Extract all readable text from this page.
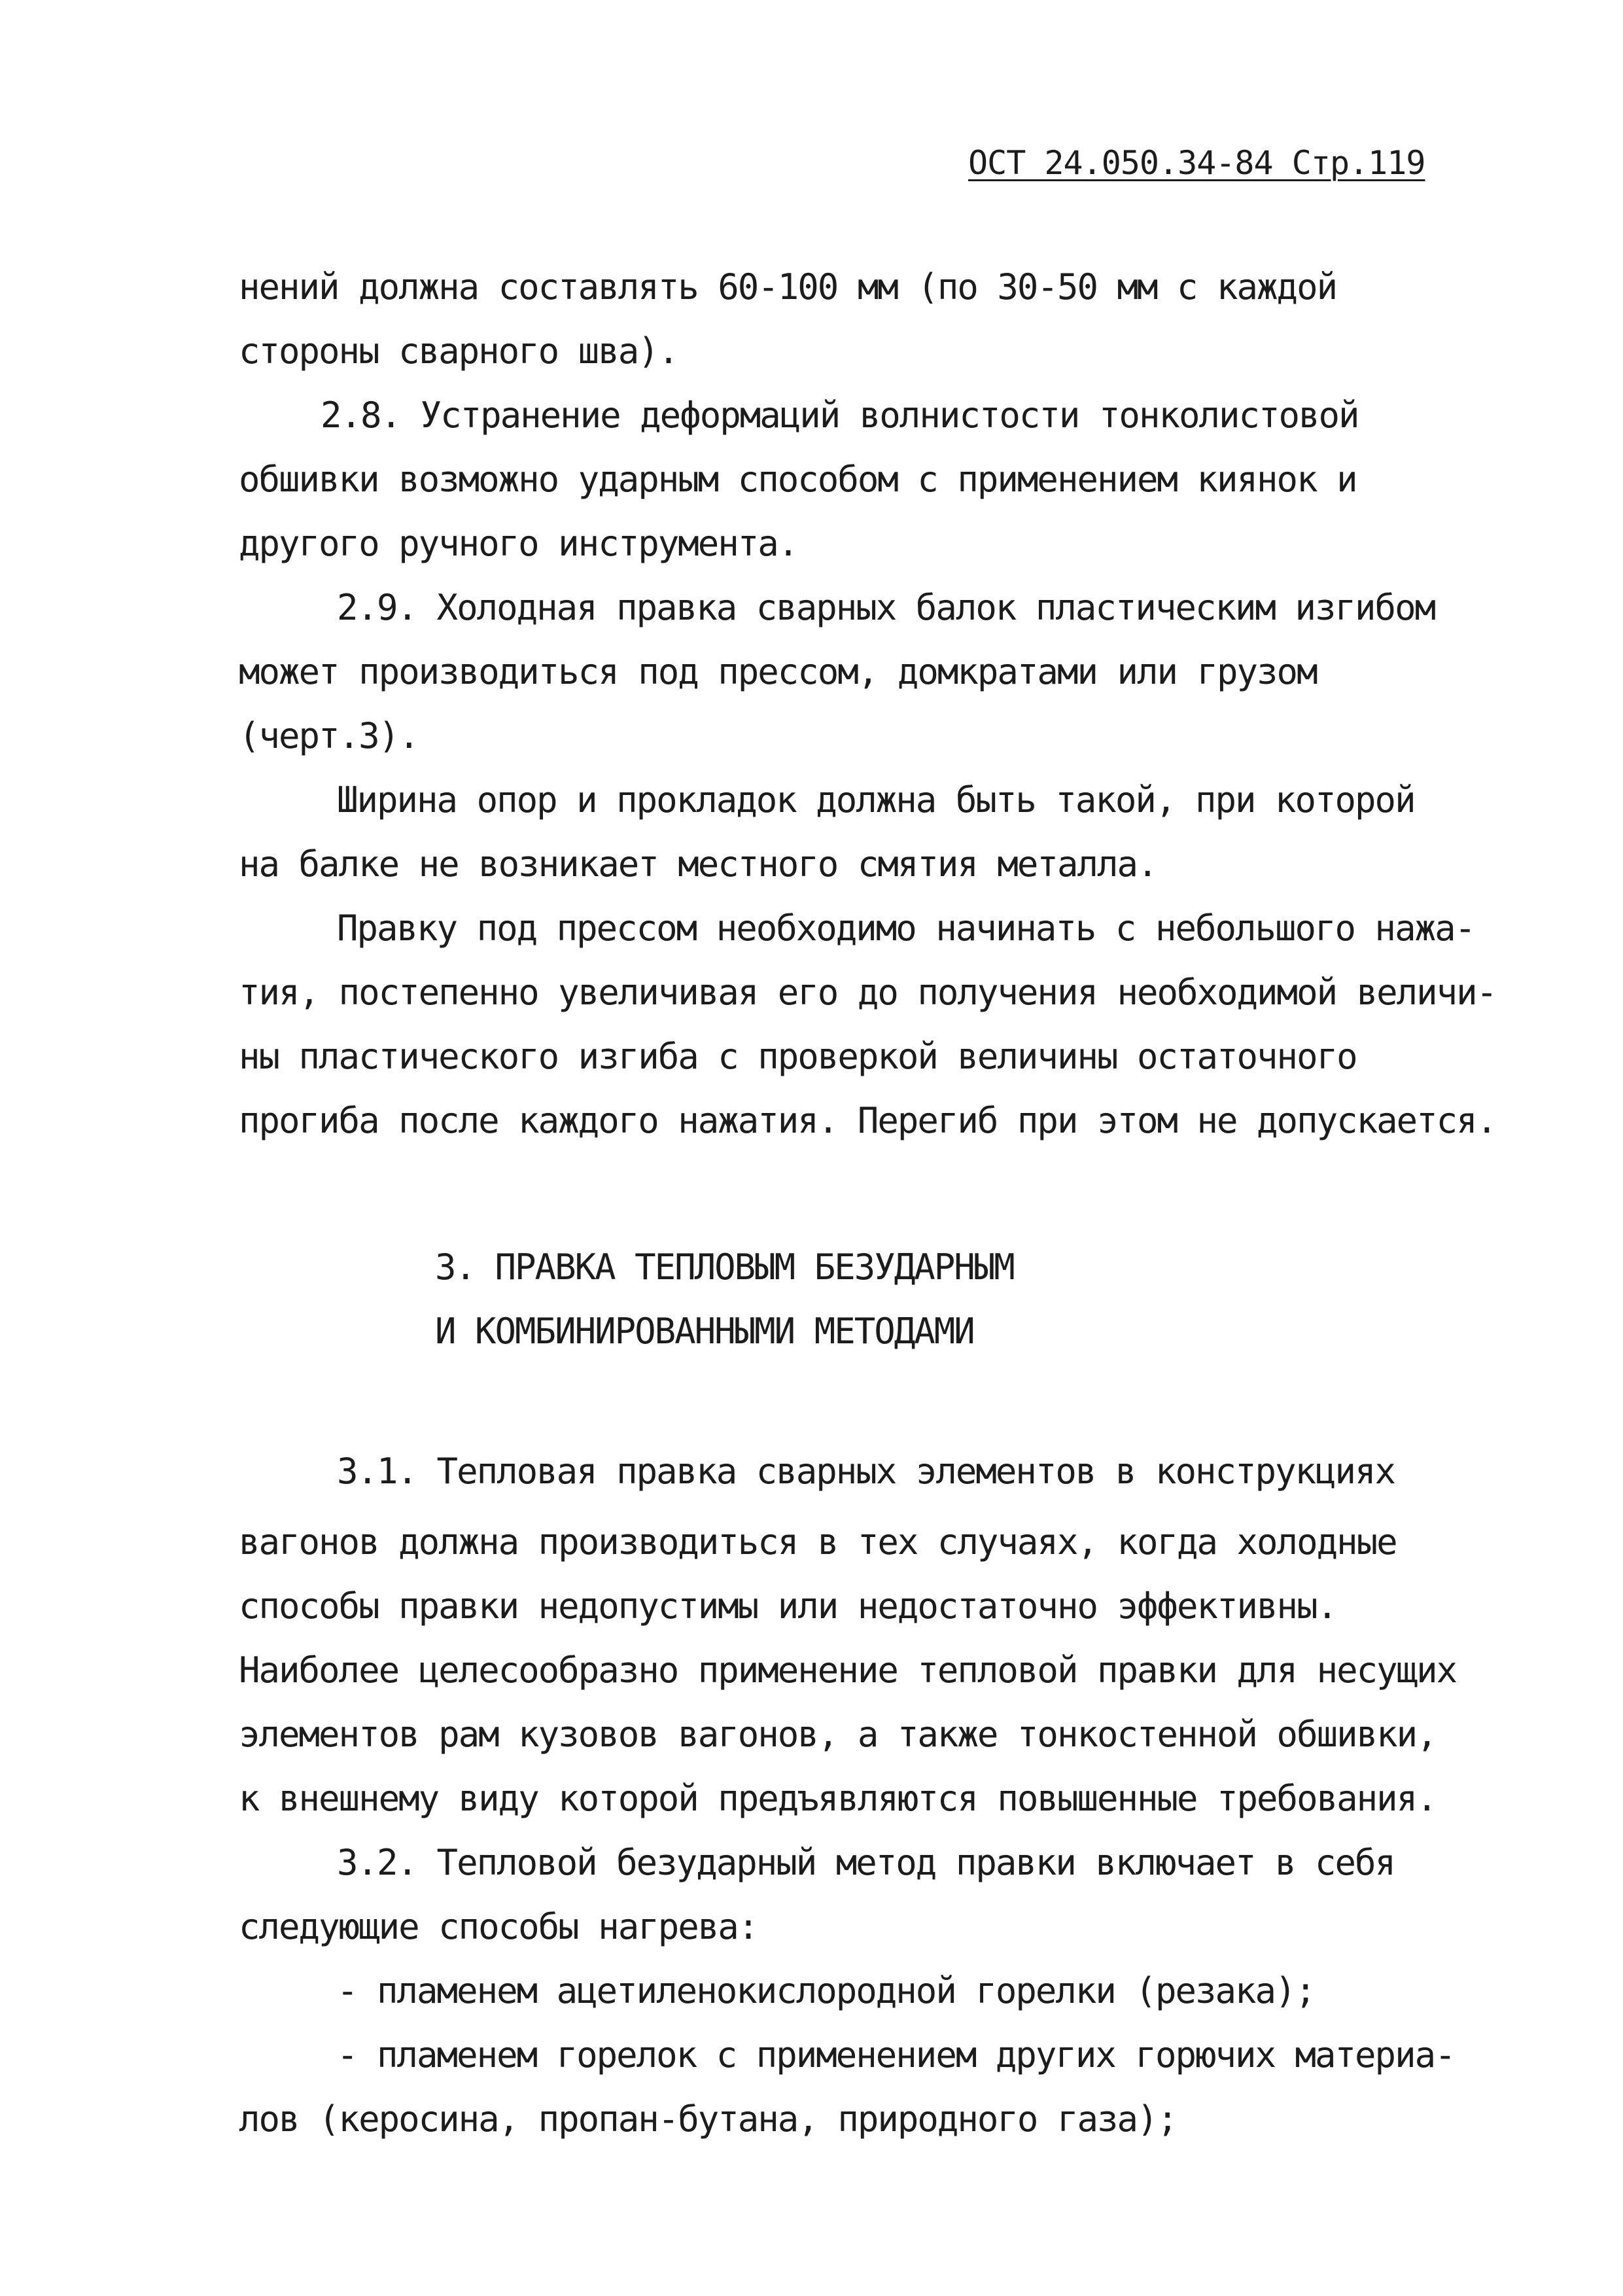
ОСТ 24.050.34-84 Стр.119
нений должна составлять 60-100 мм (по 30-50 мм с каждой
стороны сварного шва).
2.8. Устранение деформаций волнистости тонколистовой
обшивки возможно ударным способом с применением киянок и
другого ручного инструмента.
2.9. Холодная правка сварных балок пластическим изгибом
может производиться под прессом, домкратами или грузом
(черт.3).
Ширина опор и прокладок должна быть такой, при которой
на балке не возникает местного смятия металла.
Правку под прессом необходимо начинать с небольшого нажа-
тия, постепенно увеличивая его до получения необходимой величи-
ны пластического изгиба с проверкой величины остаточного
прогиба после каждого нажатия. Перегиб при этом не допускается.
3. ПРАВКА ТЕПЛОВЫМ БЕЗУДАРНЫМ
И КОМБИНИРОВАННЫМИ МЕТОДАМИ
3.1. Тепловая правка сварных элементов в конструкциях
вагонов должна производиться в тех случаях, когда холодные
способы правки недопустимы или недостаточно эффективны.
Наиболее целесообразно применение тепловой правки для несущих
элементов рам кузовов вагонов, а также тонкостенной обшивки,
к внешнему виду которой предъявляются повышенные требования.
3.2. Тепловой безударный метод правки включает в себя
следующие способы нагрева:
- пламенем ацетиленокислородной горелки (резака);
- пламенем горелок с применением других горючих материа-
лов (керосина, пропан-бутана, природного газа);
